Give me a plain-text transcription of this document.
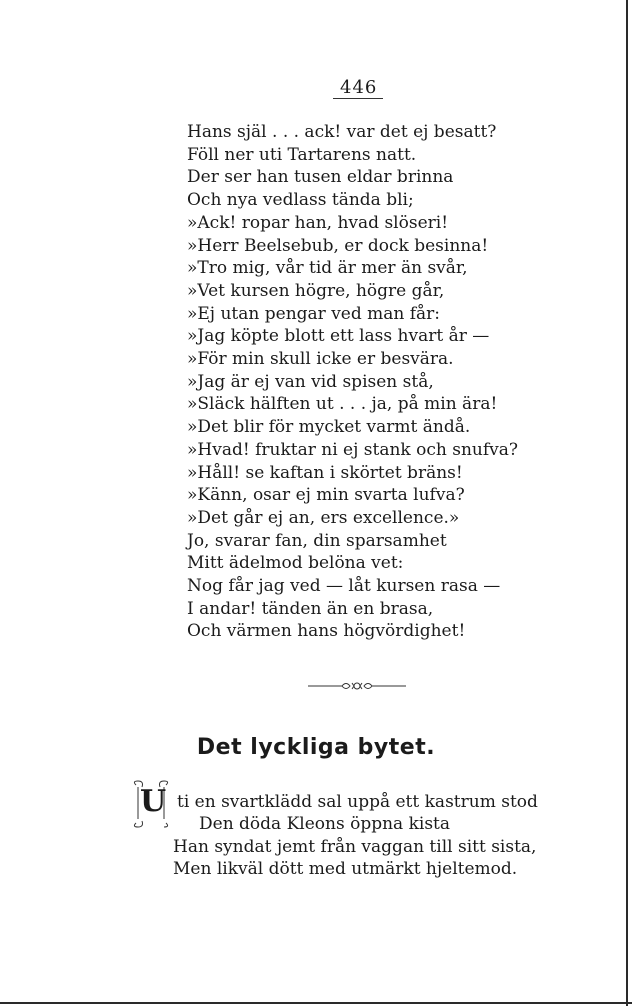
446
Hans själ . . . ack! var det ej besatt?
Föll ner uti Tartarens natt.
Der ser han tusen eldar brinna
Och nya vedlass tända bli;
»Ack! ropar han, hvad slöseri!
»Herr Beelsebub, er dock besinna!
»Tro mig, vår tid är mer än svår,
»Vet kursen högre, högre går,
»Ej utan pengar ved man får:
»Jag köpte blott ett lass hvart år —
»För min skull icke er besvära.
»Jag är ej van vid spisen stå,
»Släck hälften ut . . . ja, på min ära!
»Det blir för mycket varmt ändå.
»Hvad! fruktar ni ej stank och snufva?
»Håll! se kaftan i skörtet bräns!
»Känn, osar ej min svarta lufva?
»Det går ej an, ers excellence.»
Jo, svarar fan, din sparsamhet
Mitt ädelmod belöna vet:
Nog får jag ved — låt kursen rasa —
I andar! tänden än en brasa,
Och värmen hans högvördighet!
Det lyckliga bytet.
U ti en svartklädd sal uppå ett kastrum stod
Den döda Kleons öppna kista
Han syndat jemt från vaggan till sitt sista,
Men likväl dött med utmärkt hjeltemod.
